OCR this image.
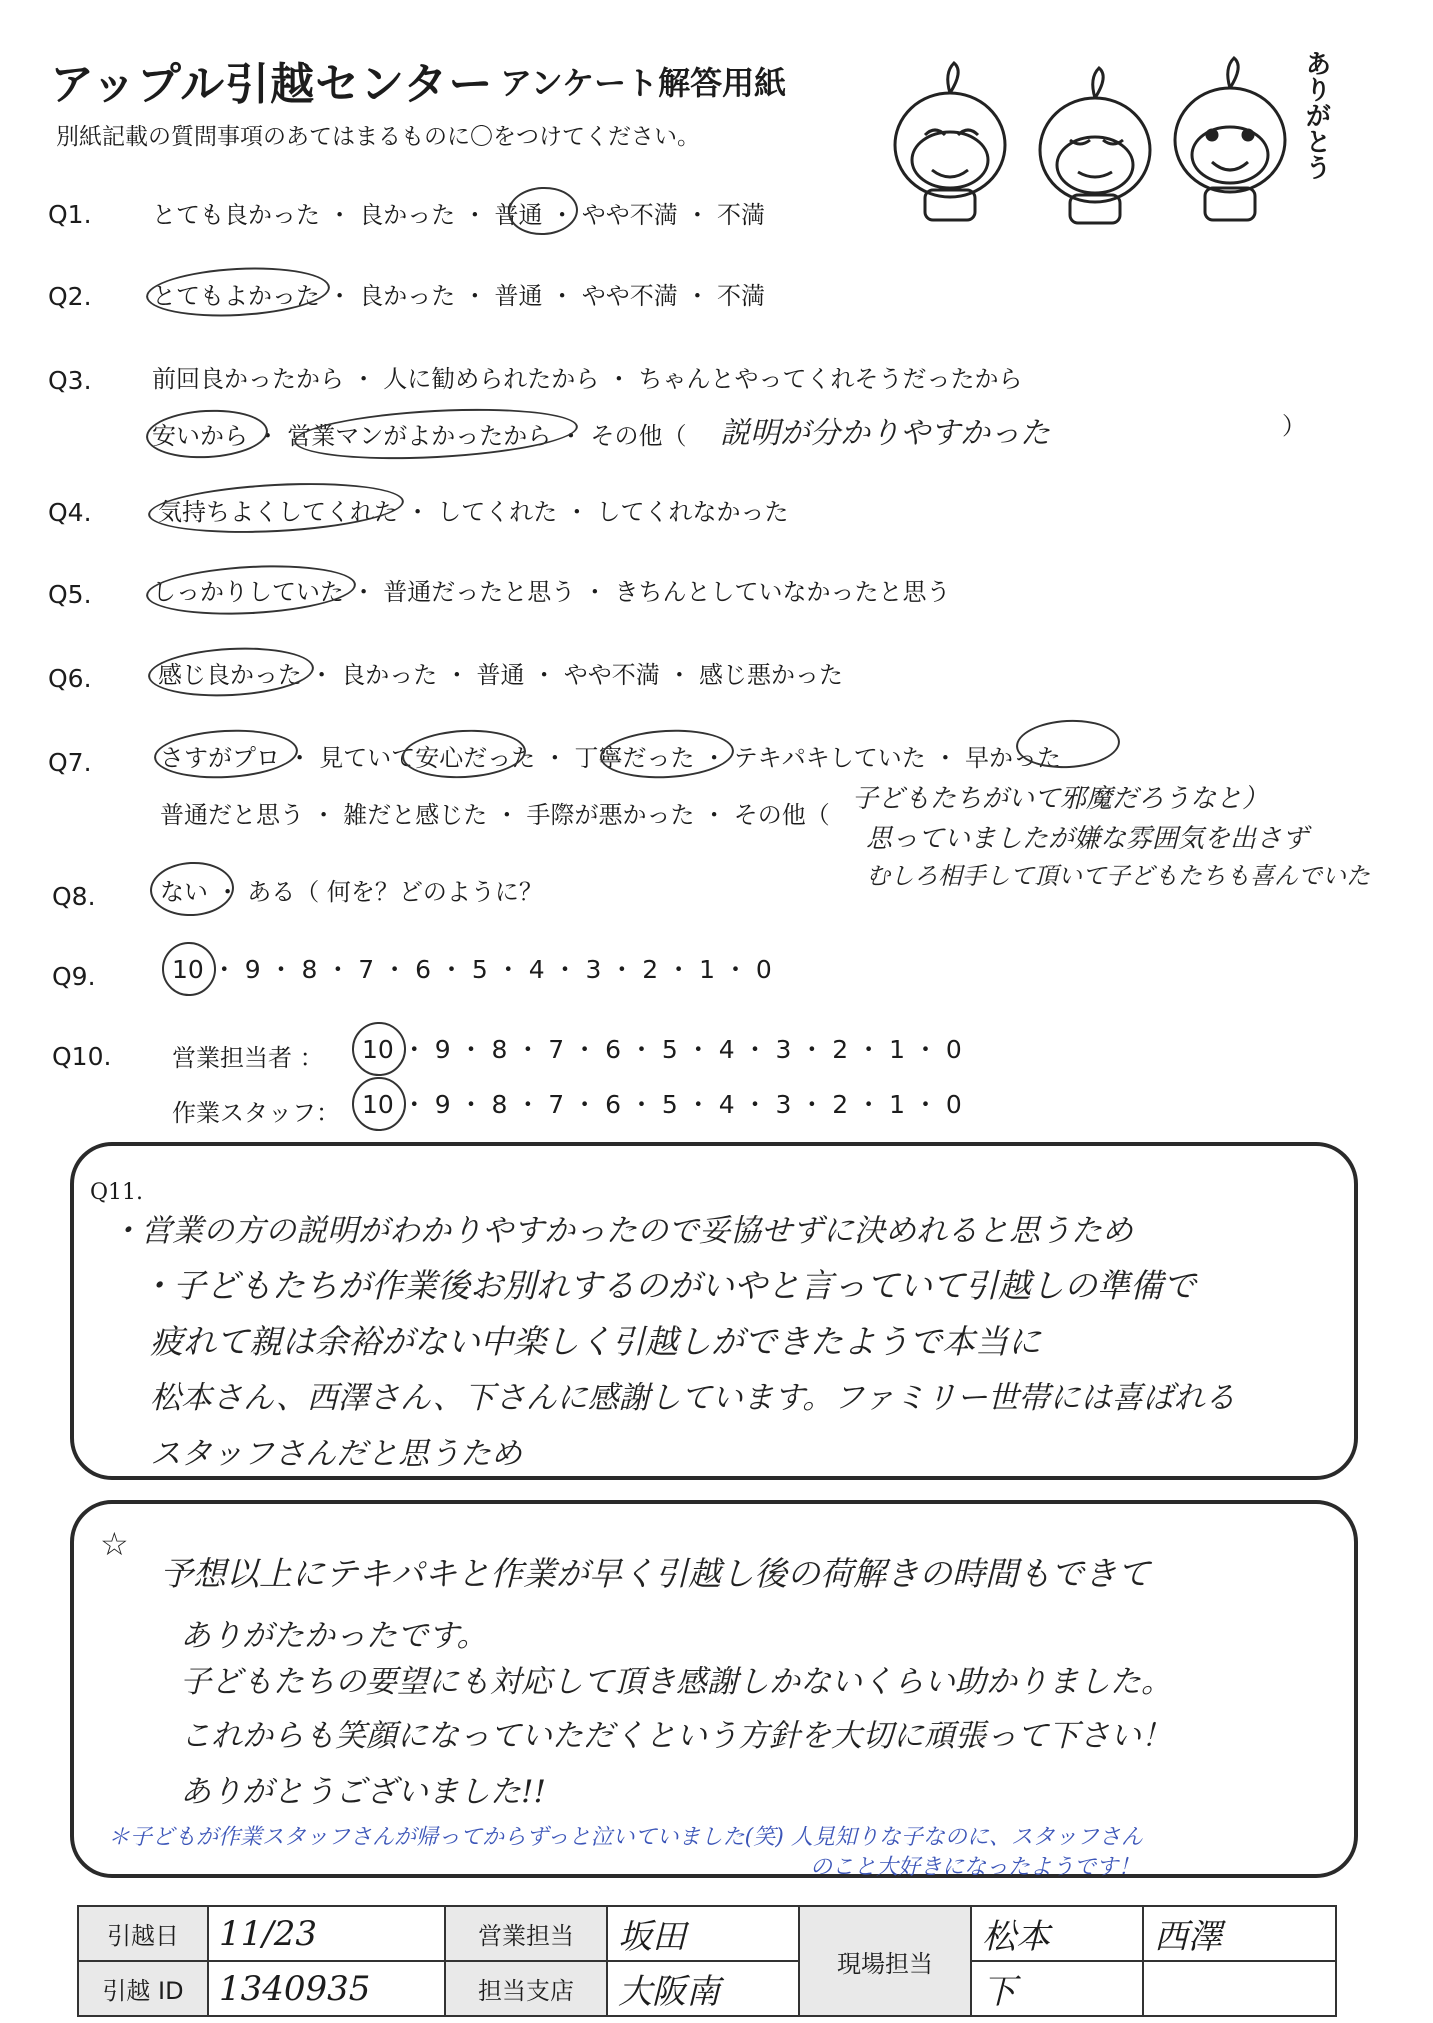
アップル引越センター アンケート解答用紙
別紙記載の質問事項のあてはまるものに〇をつけてください。	ありがとう
Q1.	とても良かった ・ 良かった ・ 普通 ・ やや不満 ・ 不満
Q2.	とてもよかった ・ 良かった ・ 普通 ・ やや不満 ・ 不満
Q3.	前回良かったから ・ 人に勧められたから ・ ちゃんとやってくれそうだったから
安いから ・ 営業マンがよかったから ・ その他（ 説明が分かりやすかった	）
Q4.	気持ちよくしてくれた ・ してくれた ・ してくれなかった
Q5.	しっかりしていた ・ 普通だったと思う ・ きちんとしていなかったと思う
Q6.	感じ良かった ・ 良かった ・ 普通 ・ やや不満 ・ 感じ悪かった
Q7.	さすがプロ ・ 見ていて安心だった ・ 丁寧だった ・ テキパキしていた ・ 早かった
普通だと思う ・ 雑だと感じた ・ 手際が悪かった ・ その他（
子どもたちがいて邪魔だろうなと）
思っていましたが嫌な雰囲気を出さず
むしろ相手して頂いて子どもたちも喜んでいた
Q8.	ない ・ ある（ 何を？どのように？
Q9.	10 ・ 9 ・ 8 ・ 7 ・ 6 ・ 5 ・ 4 ・ 3 ・ 2 ・ 1 ・ 0
Q10.	営業担当者 ： 10 ・ 9 ・ 8 ・ 7 ・ 6 ・ 5 ・ 4 ・ 3 ・ 2 ・ 1 ・ 0
作業スタッフ： 10 ・ 9 ・ 8 ・ 7 ・ 6 ・ 5 ・ 4 ・ 3 ・ 2 ・ 1 ・ 0
Q11.
・営業の方の説明がわかりやすかったので妥協せずに決めれると思うため
・子どもたちが作業後お別れするのがいやと言っていて引越しの準備で
疲れて親は余裕がない中楽しく引越しができたようで本当に
松本さん、西澤さん、下さんに感謝しています。ファミリー世帯には喜ばれる
スタッフさんだと思うため
☆
予想以上にテキパキと作業が早く引越し後の荷解きの時間もできて
ありがたかったです。
子どもたちの要望にも対応して頂き感謝しかないくらい助かりました。
これからも笑顔になっていただくという方針を大切に頑張って下さい！
ありがとうございました!!
＊子どもが作業スタッフさんが帰ってからずっと泣いていました(笑) 人見知りな子なのに、スタッフさん
のこと大好きになったようです！
引越日	11/23	営業担当	坂田	現場担当	松本	西澤
引越 ID	1340935	担当支店	大阪南		下	
